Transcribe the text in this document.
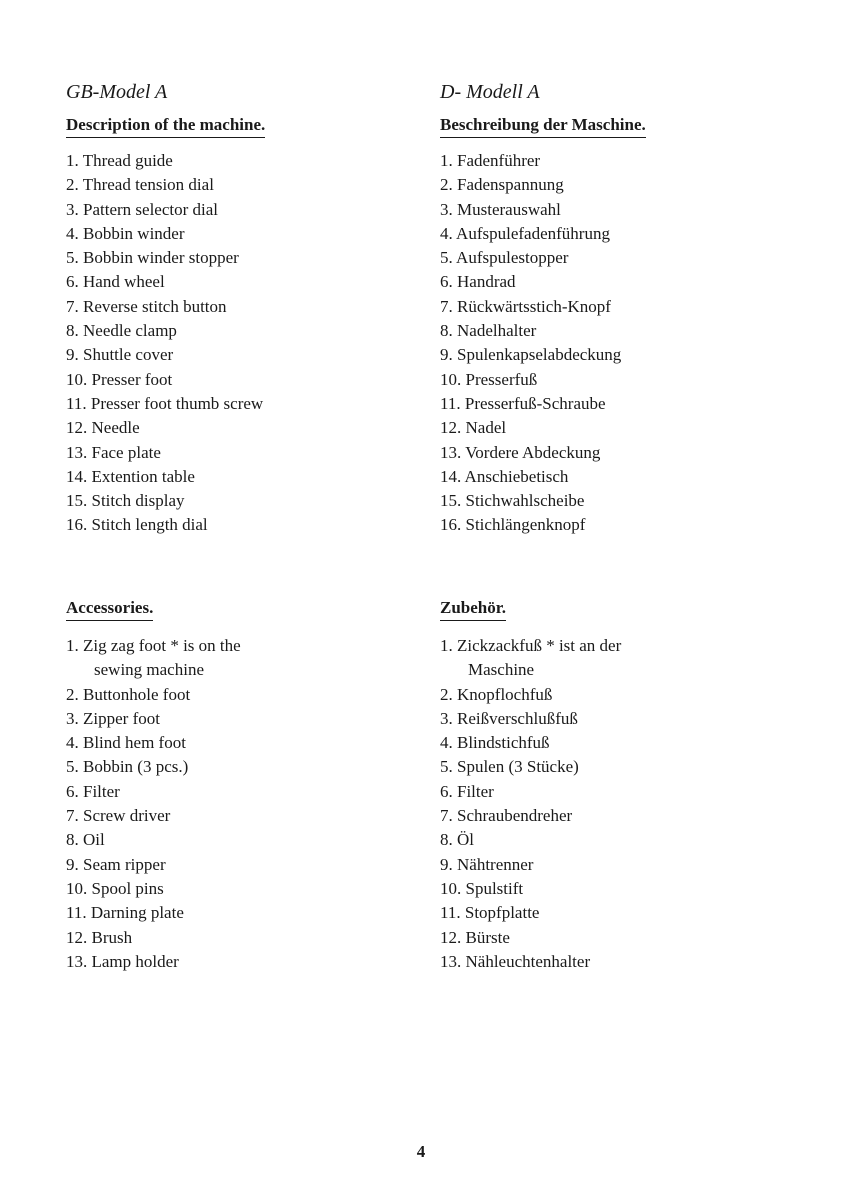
GB-Model A
Description of the machine.
1. Thread guide
2. Thread tension dial
3. Pattern selector dial
4. Bobbin winder
5. Bobbin winder stopper
6. Hand wheel
7. Reverse stitch button
8. Needle clamp
9. Shuttle cover
10. Presser foot
11. Presser foot thumb screw
12. Needle
13. Face plate
14. Extention table
15. Stitch display
16. Stitch length dial
Accessories.
1. Zig zag foot * is on the
sewing machine
2. Buttonhole foot
3. Zipper foot
4. Blind hem foot
5. Bobbin (3 pcs.)
6. Filter
7. Screw driver
8. Oil
9. Seam ripper
10. Spool pins
11. Darning plate
12. Brush
13. Lamp holder
D- Modell A
Beschreibung der Maschine.
1. Fadenführer
2. Fadenspannung
3. Musterauswahl
4. Aufspulefadenführung
5. Aufspulestopper
6. Handrad
7. Rückwärtsstich-Knopf
8. Nadelhalter
9. Spulenkapselabdeckung
10. Presserfuß
11. Presserfuß-Schraube
12. Nadel
13. Vordere Abdeckung
14. Anschiebetisch
15. Stichwahlscheibe
16. Stichlängenknopf
Zubehör.
1. Zickzackfuß * ist an der
Maschine
2. Knopflochfuß
3. Reißverschlußfuß
4. Blindstichfuß
5. Spulen (3 Stücke)
6. Filter
7. Schraubendreher
8. Öl
9. Nähtrenner
10. Spulstift
11. Stopfplatte
12. Bürste
13. Nähleuchtenhalter
4
